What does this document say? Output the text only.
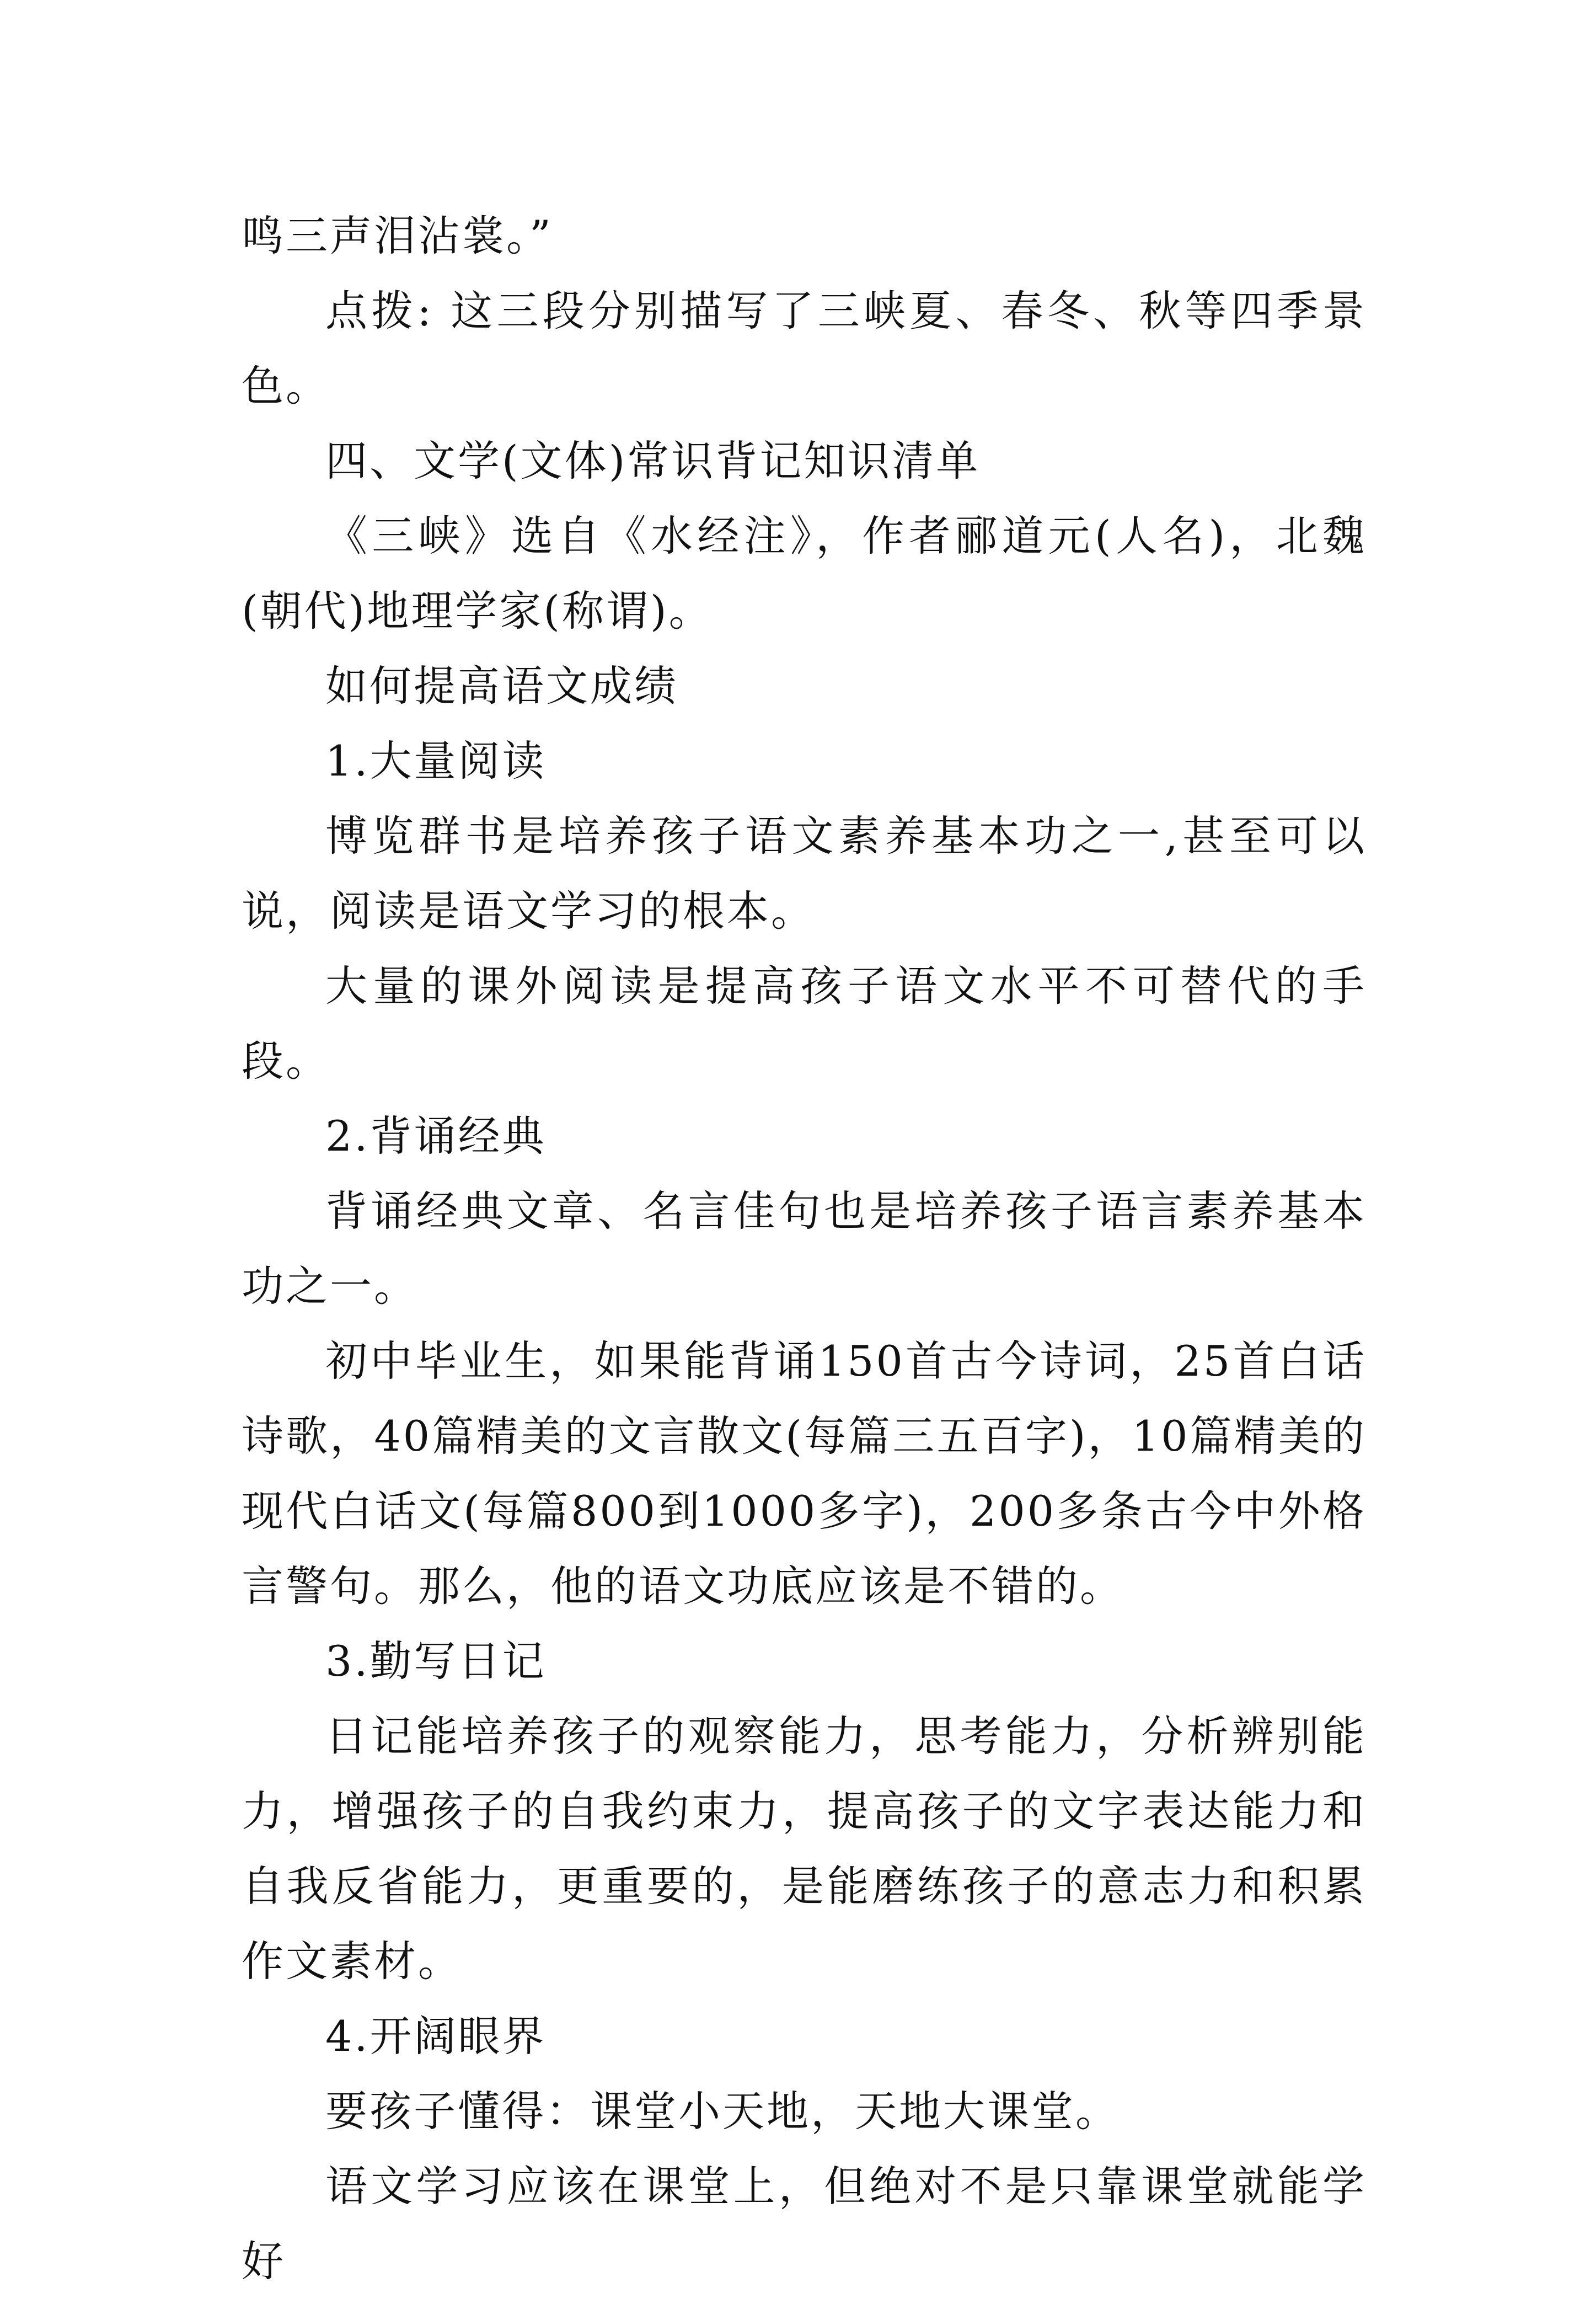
鸣三声泪沾裳。”

点拨: 这三段分别描写了三峡夏、春冬、秋等四季景色。

四、文学(文体)常识背记知识清单

《三峡》选自《水经注》，作者郦道元(人名)，北魏(朝代)地理学家(称谓)。

如何提高语文成绩

1.大量阅读

博览群书是培养孩子语文素养基本功之一,甚至可以说，阅读是语文学习的根本。

大量的课外阅读是提高孩子语文水平不可替代的手段。

2.背诵经典

背诵经典文章、名言佳句也是培养孩子语言素养基本功之一。

初中毕业生，如果能背诵150首古今诗词，25首白话诗歌，40篇精美的文言散文(每篇三五百字)，10篇精美的现代白话文(每篇800到1000多字)，200多条古今中外格言警句。那么，他的语文功底应该是不错的。

3.勤写日记

日记能培养孩子的观察能力，思考能力，分析辨别能力，增强孩子的自我约束力，提高孩子的文字表达能力和自我反省能力，更重要的，是能磨练孩子的意志力和积累作文素材。

4.开阔眼界

要孩子懂得：课堂小天地，天地大课堂。

语文学习应该在课堂上，但绝对不是只靠课堂就能学好
